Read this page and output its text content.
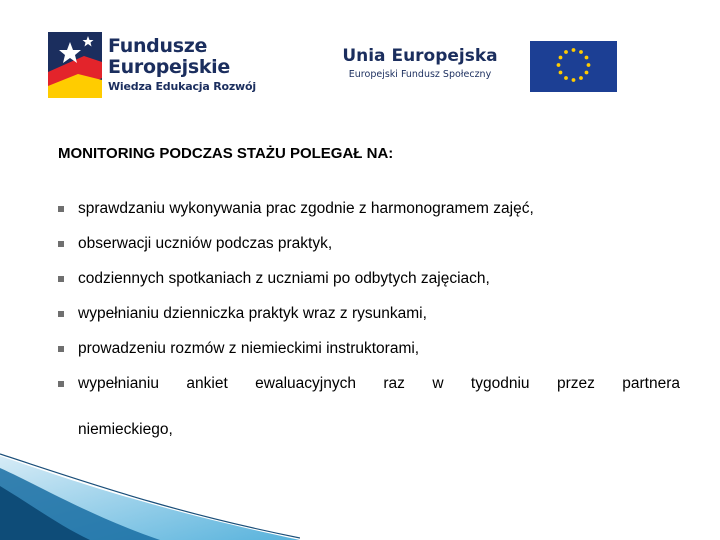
Fundusze
Europejskie
Wiedza Edukacja Rozwój
Unia Europejska
Europejski Fundusz Społeczny
MONITORING PODCZAS STAŻU POLEGAŁ NA:
sprawdzaniu wykonywania prac zgodnie z harmonogramem zajęć,
obserwacji uczniów podczas praktyk,
codziennych spotkaniach z uczniami po odbytych zajęciach,
wypełnianiu dzienniczka praktyk wraz z rysunkami,
prowadzeniu rozmów z niemieckimi instruktorami,
wypełnianiu ankiet ewaluacyjnych raz w tygodniu przez partnera
niemieckiego,
